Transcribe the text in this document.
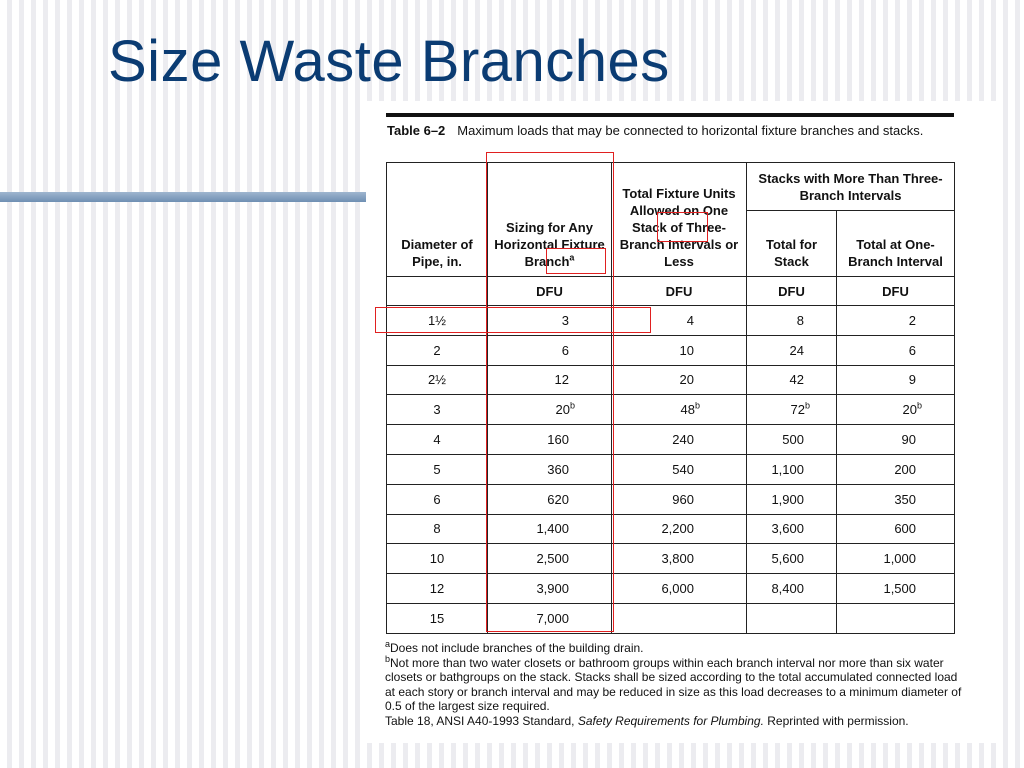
Size Waste Branches
Table 6–2 Maximum loads that may be connected to horizontal fixture branches and stacks.
Diameter of Pipe, in.	Sizing for Any Horizontal Fixture Branch$^a$	Total Fixture Units Allowed on One Stack of Three-Branch Intervals or Less	Stacks with More Than Three-Branch Intervals	
			Total for Stack	Total at One-Branch Interval
	DFU	DFU	DFU	DFU
1½	3	4	8	2
2	6	10	24	6
2½	12	20	42	9
3	20$^b$	48$^b$	72$^b$	20$^b$
4	160	240	500	90
5	360	540	1,100	200
6	620	960	1,900	350
8	1,400	2,200	3,600	600
10	2,500	3,800	5,600	1,000
12	3,900	6,000	8,400	1,500
15	7,000			

$^a$Does not include branches of the building drain.

$^b$Not more than two water closets or bathroom groups within each branch interval nor more than six water closets or bathgroups on the stack. Stacks shall be sized according to the total accumulated connected load at each story or branch interval and may be reduced in size as this load decreases to a minimum diameter of 0.5 of the largest size required.

Table 18, ANSI A40-1993 Standard, Safety Requirements for Plumbing. Reprinted with permission.
